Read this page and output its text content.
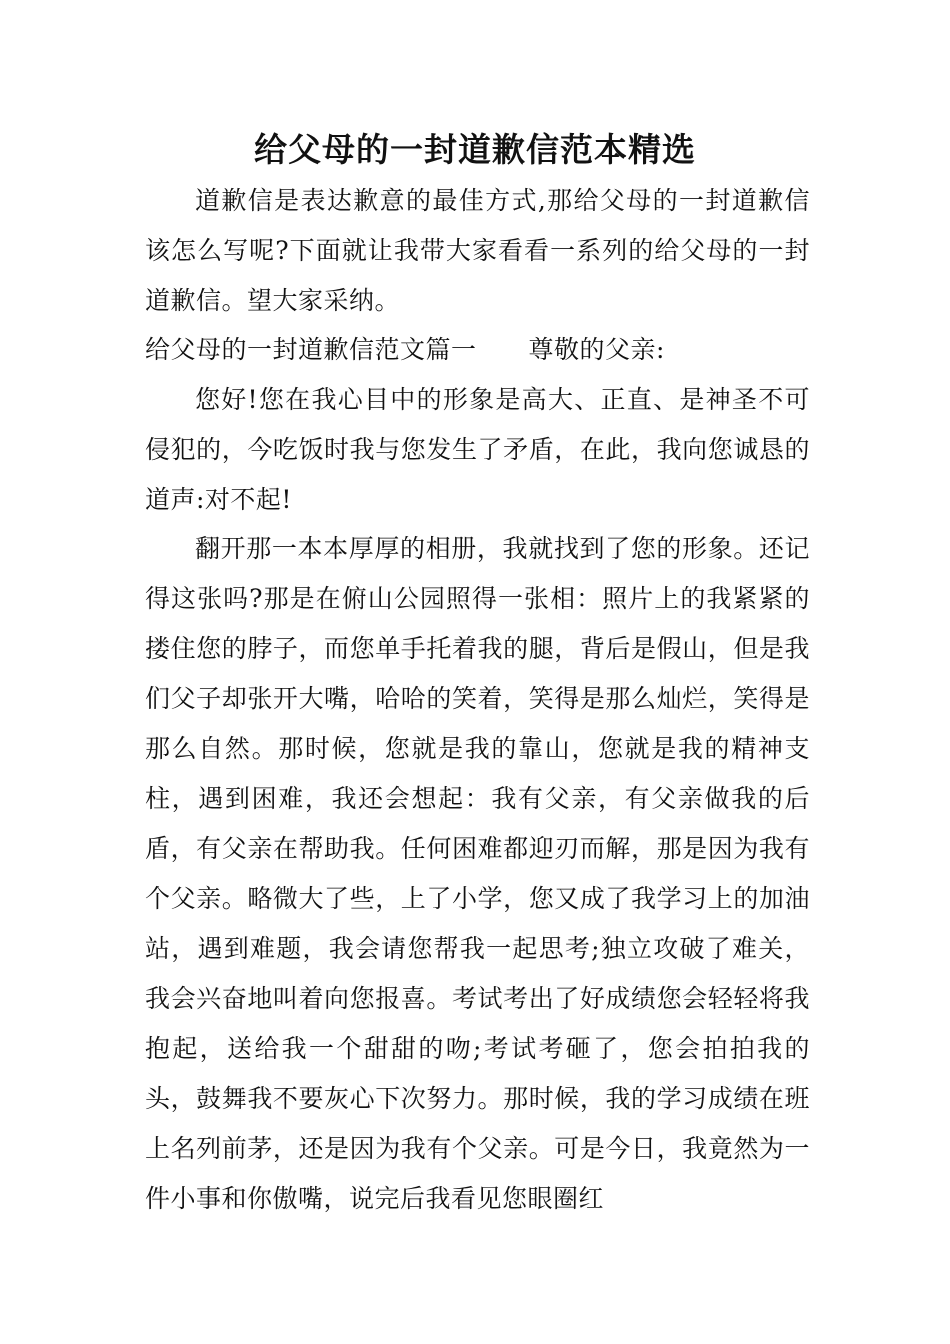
给父母的一封道歉信范本精选

道歉信是表达歉意的最佳方式,那给父母的一封道歉信该怎么写呢?下面就让我带大家看看一系列的给父母的一封道歉信。望大家采纳。

给父母的一封道歉信范文篇一 尊敬的父亲:

您好!您在我心目中的形象是高大、正直、是神圣不可侵犯的，今吃饭时我与您发生了矛盾，在此，我向您诚恳的道声:对不起!

翻开那一本本厚厚的相册，我就找到了您的形象。还记得这张吗?那是在俯山公园照得一张相：照片上的我紧紧的搂住您的脖子，而您单手托着我的腿，背后是假山，但是我们父子却张开大嘴，哈哈的笑着，笑得是那么灿烂，笑得是那么自然。那时候，您就是我的靠山，您就是我的精神支柱，遇到困难，我还会想起：我有父亲，有父亲做我的后盾，有父亲在帮助我。任何困难都迎刃而解，那是因为我有个父亲。略微大了些，上了小学，您又成了我学习上的加油站，遇到难题，我会请您帮我一起思考;独立攻破了难关，我会兴奋地叫着向您报喜。考试考出了好成绩您会轻轻将我抱起，送给我一个甜甜的吻;考试考砸了，您会拍拍我的头，鼓舞我不要灰心下次努力。那时候，我的学习成绩在班上名列前茅，还是因为我有个父亲。可是今日，我竟然为一件小事和你傲嘴，说完后我看见您眼圈红
